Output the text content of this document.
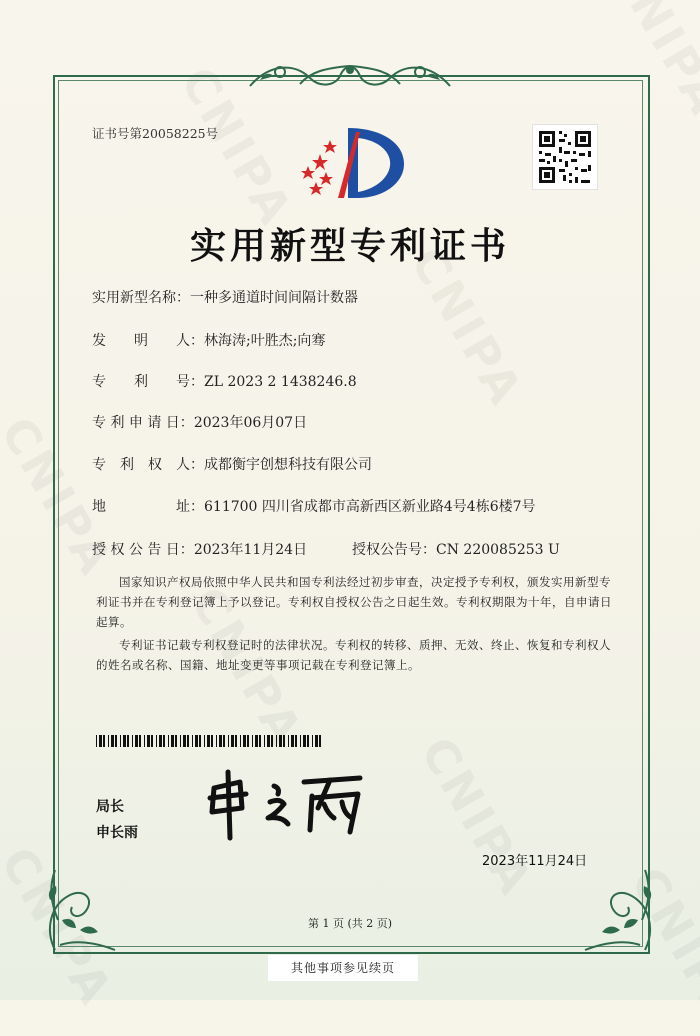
证书号第20058225号
实用新型专利证书
实用新型名称：一种多通道时间间隔计数器
发　　明　　人：林海涛;叶胜杰;向骞
专　　利　　号：ZL 2023 2 1438246.8
专 利 申 请 日：2023年06月07日
专　利　权　人：成都衡宇创想科技有限公司
地　　　　　址：611700 四川省成都市高新西区新业路4号4栋6楼7号
授 权 公 告 日：2023年11月24日	授权公告号：CN 220085253 U
国家知识产权局依照中华人民共和国专利法经过初步审查，决定授予专利权，颁发实用新型专利证书并在专利登记簿上予以登记。专利权自授权公告之日起生效。专利权期限为十年，自申请日起算。
专利证书记载专利权登记时的法律状况。专利权的转移、质押、无效、终止、恢复和专利权人的姓名或名称、国籍、地址变更等事项记载在专利登记簿上。
局长
申长雨
2023年11月24日
第 1 页 (共 2 页)
其他事项参见续页
